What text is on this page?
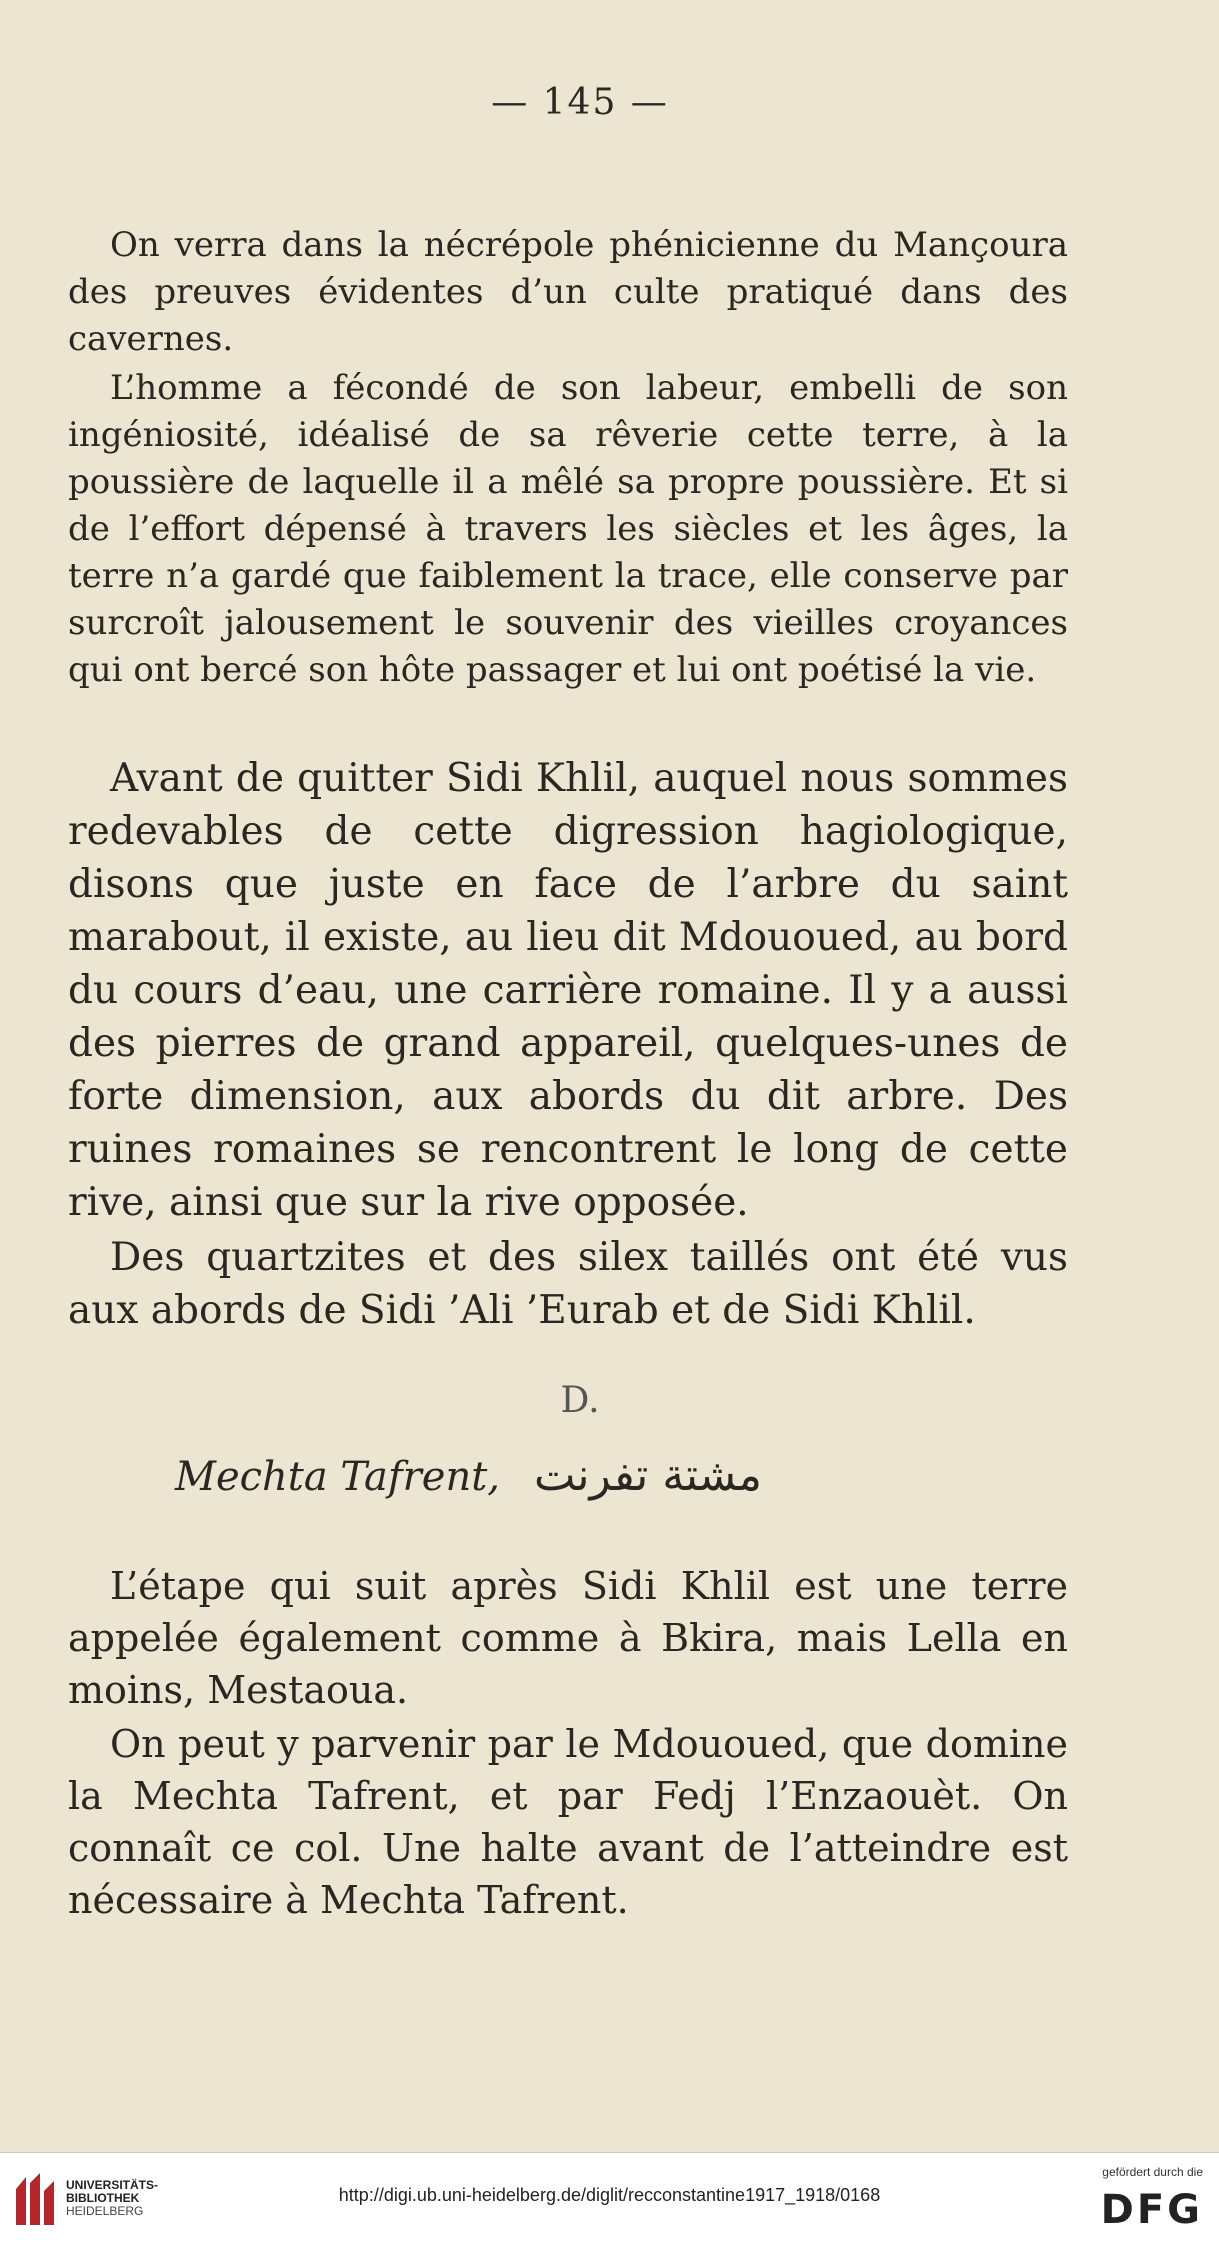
— 145 —

On verra dans la nécrépole phénicienne du Mançoura des preuves évidentes d’un culte pratiqué dans des cavernes.

L’homme a fécondé de son labeur, embelli de son ingéniosité, idéalisé de sa rêverie cette terre, à la poussière de laquelle il a mêlé sa propre poussière. Et si de l’effort dépensé à travers les siècles et les âges, la terre n’a gardé que faiblement la trace, elle conserve par surcroît jalousement le souvenir des vieilles croyances qui ont bercé son hôte passager et lui ont poétisé la vie.

Avant de quitter Sidi Khlil, auquel nous sommes redevables de cette digression hagiologique, disons que juste en face de l’arbre du saint marabout, il existe, au lieu dit Mdououed, au bord du cours d’eau, une carrière romaine. Il y a aussi des pierres de grand appareil, quelques-unes de forte dimension, aux abords du dit arbre. Des ruines romaines se rencontrent le long de cette rive, ainsi que sur la rive opposée.

Des quartzites et des silex taillés ont été vus aux abords de Sidi ’Ali ’Eurab et de Sidi Khlil.

D.
Mechta Tafrent, مشتة تفرنت

L’étape qui suit après Sidi Khlil est une terre appelée également comme à Bkira, mais Lella en moins, Mestaoua.

On peut y parvenir par le Mdououed, que domine la Mechta Tafrent, et par Fedj l’Enzaouèt. On connaît ce col. Une halte avant de l’atteindre est nécessaire à Mechta Tafrent.

UNIVERSITÄTS-
BIBLIOTHEK
HEIDELBERG
http://digi.ub.uni-heidelberg.de/diglit/recconstantine1917_1918/0168
gefördert durch die
DFG
